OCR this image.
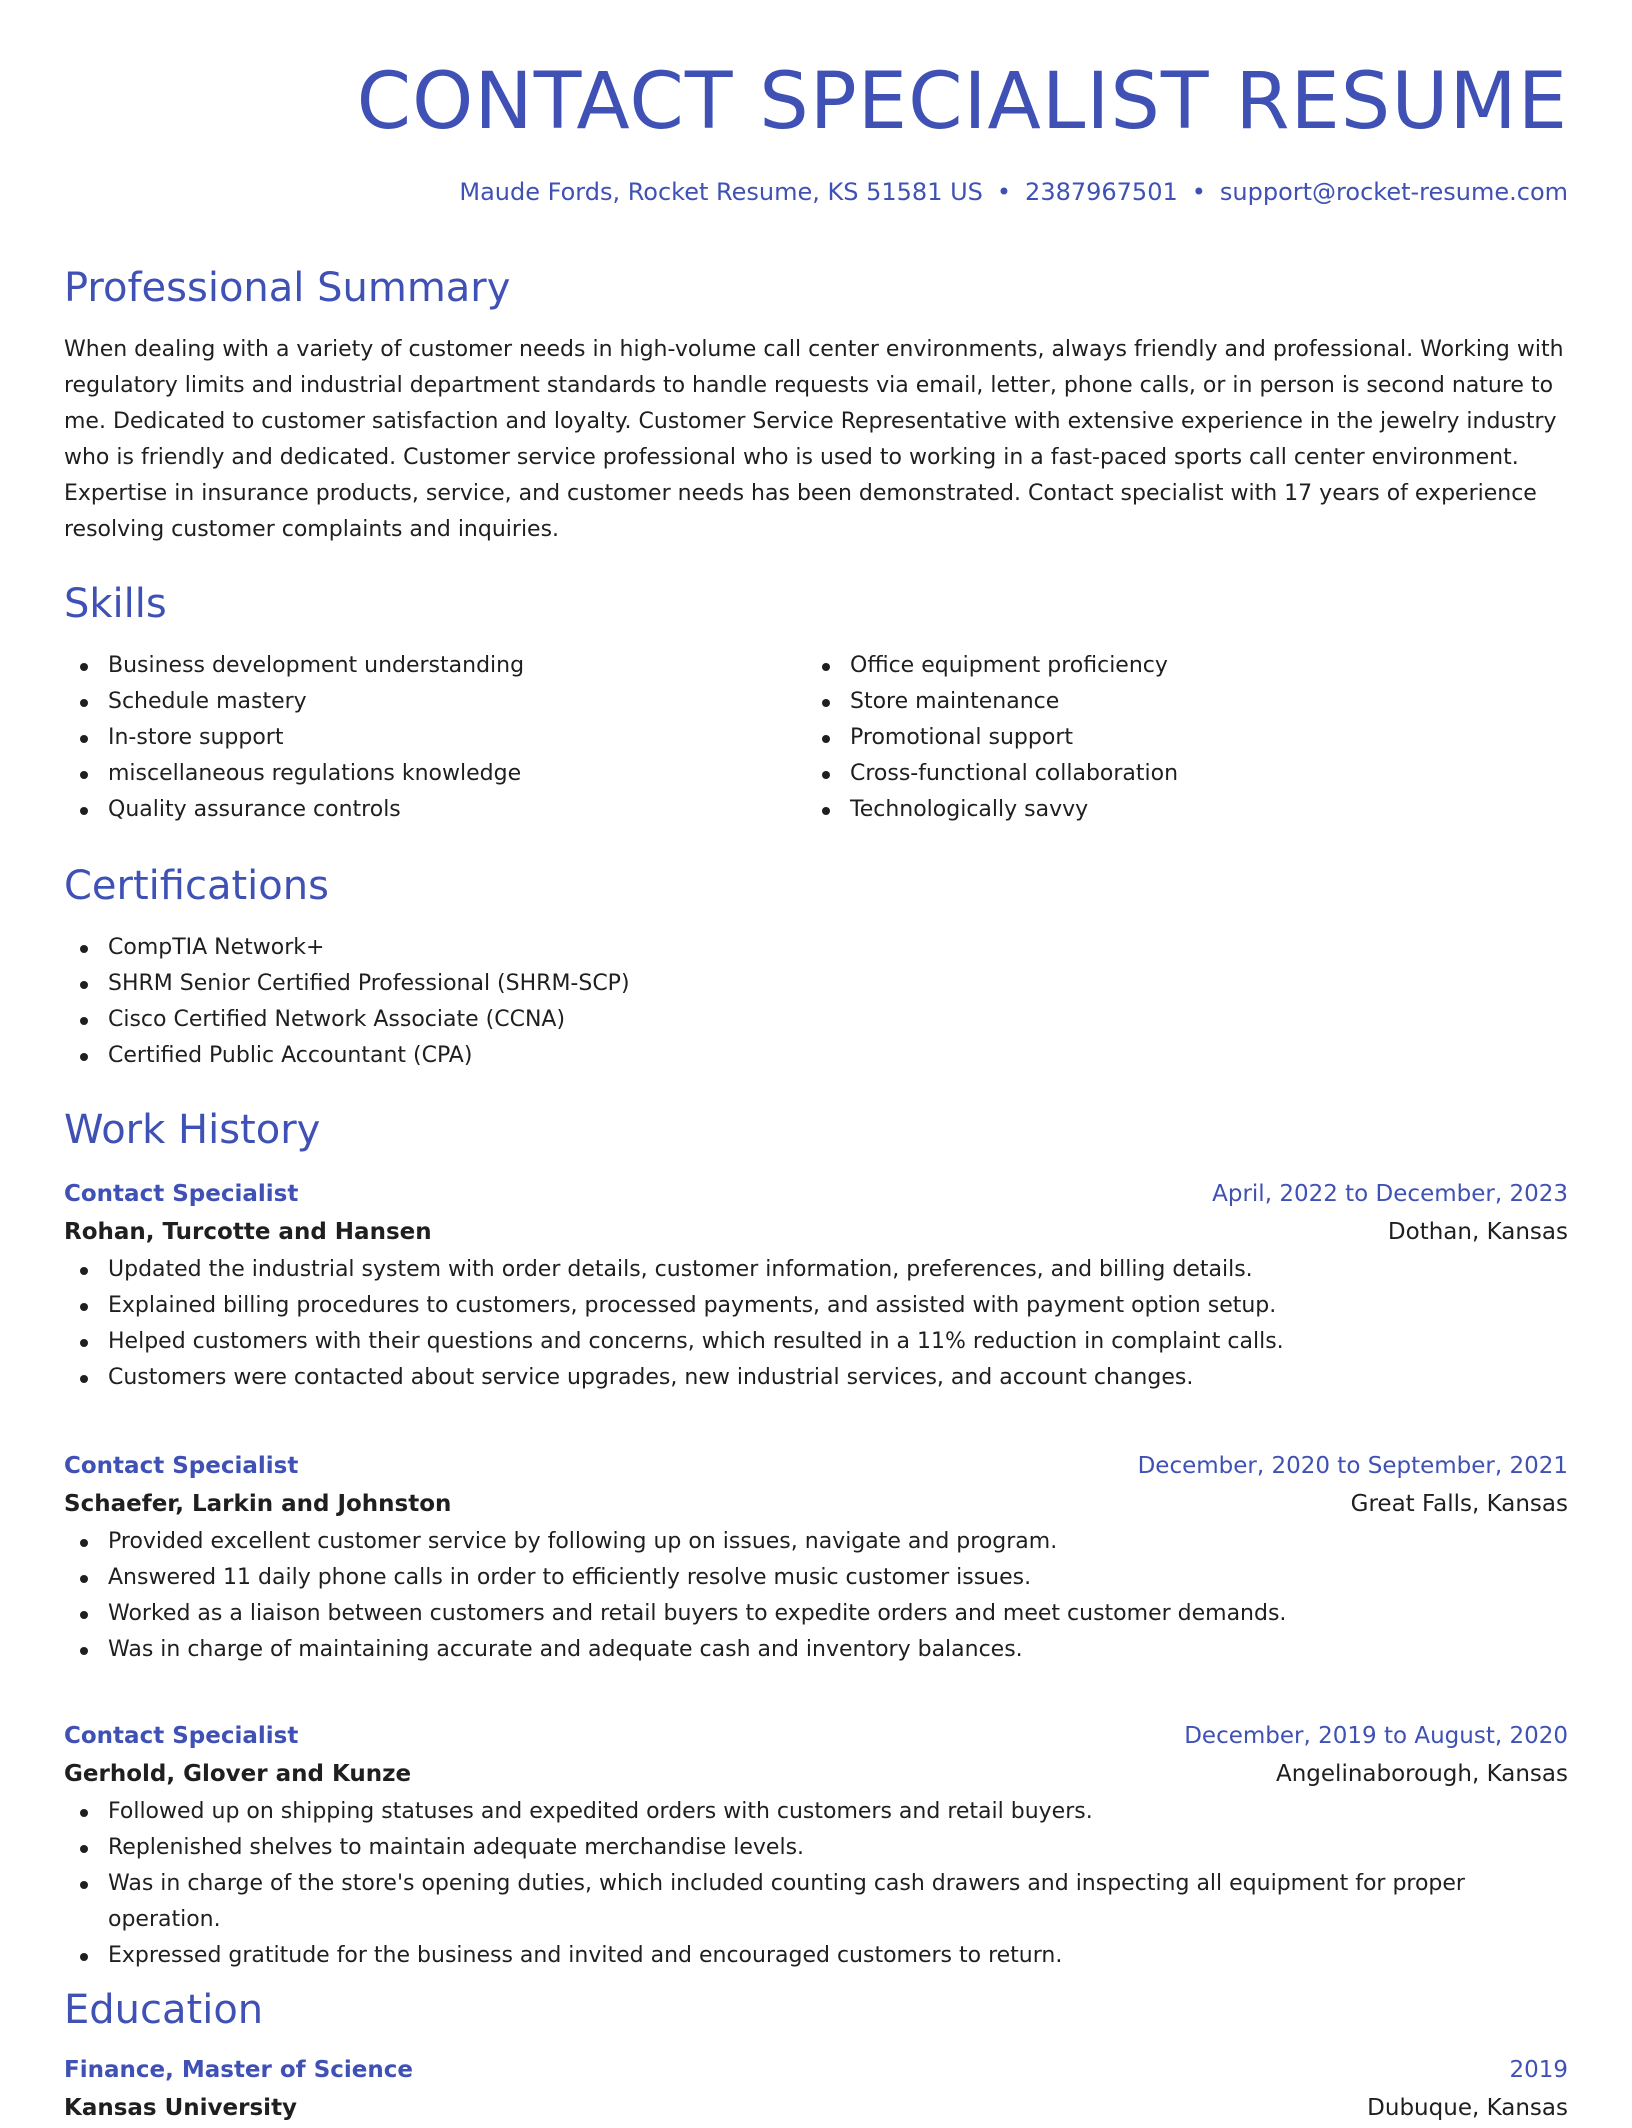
CONTACT SPECIALIST RESUME
Maude Fords, Rocket Resume, KS 51581 US • 2387967501 • support@rocket-resume.com
Professional Summary

When dealing with a variety of customer needs in high-volume call center environments, always friendly and professional. Working with regulatory limits and industrial department standards to handle requests via email, letter, phone calls, or in person is second nature to me. Dedicated to customer satisfaction and loyalty. Customer Service Representative with extensive experience in the jewelry industry who is friendly and dedicated. Customer service professional who is used to working in a fast-paced sports call center environment. Expertise in insurance products, service, and customer needs has been demonstrated. Contact specialist with 17 years of experience resolving customer complaints and inquiries.

Skills
Business development understanding
Schedule mastery
In-store support
miscellaneous regulations knowledge
Quality assurance controls
Office equipment proficiency
Store maintenance
Promotional support
Cross-functional collaboration
Technologically savvy
Certifications
CompTIA Network+
SHRM Senior Certified Professional (SHRM-SCP)
Cisco Certified Network Associate (CCNA)
Certified Public Accountant (CPA)
Work History
Contact Specialist	April, 2022 to December, 2023
Rohan, Turcotte and Hansen	Dothan, Kansas
Updated the industrial system with order details, customer information, preferences, and billing details.
Explained billing procedures to customers, processed payments, and assisted with payment option setup.
Helped customers with their questions and concerns, which resulted in a 11% reduction in complaint calls.
Customers were contacted about service upgrades, new industrial services, and account changes.
Contact Specialist	December, 2020 to September, 2021
Schaefer, Larkin and Johnston	Great Falls, Kansas
Provided excellent customer service by following up on issues, navigate and program.
Answered 11 daily phone calls in order to efficiently resolve music customer issues.
Worked as a liaison between customers and retail buyers to expedite orders and meet customer demands.
Was in charge of maintaining accurate and adequate cash and inventory balances.
Contact Specialist	December, 2019 to August, 2020
Gerhold, Glover and Kunze	Angelinaborough, Kansas
Followed up on shipping statuses and expedited orders with customers and retail buyers.
Replenished shelves to maintain adequate merchandise levels.
Was in charge of the store's opening duties, which included counting cash drawers and inspecting all equipment for proper operation.
Expressed gratitude for the business and invited and encouraged customers to return.
Education
Finance, Master of Science	2019
Kansas University	Dubuque, Kansas
